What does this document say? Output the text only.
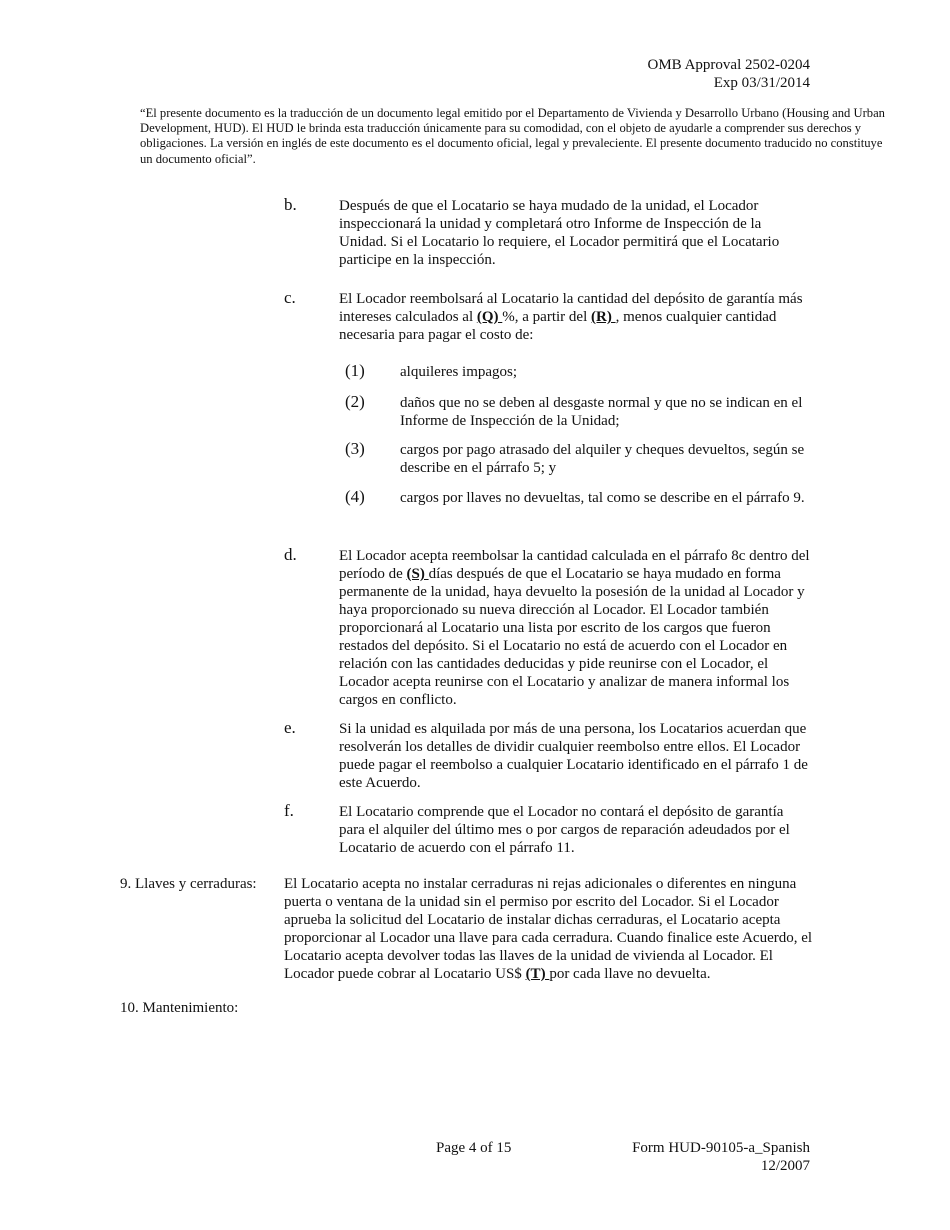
OMB Approval 2502-0204
Exp 03/31/2014
“El presente documento es la traducción de un documento legal emitido por el Departamento de Vivienda y Desarrollo Urbano (Housing and Urban Development, HUD). El HUD le brinda esta traducción únicamente para su comodidad, con el objeto de ayudarle a comprender sus derechos y obligaciones. La versión en inglés de este documento es el documento oficial, legal y prevaleciente. El presente documento traducido no constituye un documento oficial”.
b.	Después de que el Locatario se haya mudado de la unidad, el Locador inspeccionará la unidad y completará otro Informe de Inspección de la Unidad. Si el Locatario lo requiere, el Locador permitirá que el Locatario participe en la inspección.
c.	El Locador reembolsará al Locatario la cantidad del depósito de garantía más intereses calculados al (Q) %, a partir del (R) , menos cualquier cantidad necesaria para pagar el costo de:
(1) alquileres impagos;
(2) daños que no se deben al desgaste normal y que no se indican en el Informe de Inspección de la Unidad;
(3) cargos por pago atrasado del alquiler y cheques devueltos, según se describe en el párrafo 5; y
(4) cargos por llaves no devueltas, tal como se describe en el párrafo 9.
d.	El Locador acepta reembolsar la cantidad calculada en el párrafo 8c dentro del período de (S) días después de que el Locatario se haya mudado en forma permanente de la unidad, haya devuelto la posesión de la unidad al Locador y haya proporcionado su nueva dirección al Locador. El Locador también proporcionará al Locatario una lista por escrito de los cargos que fueron restados del depósito. Si el Locatario no está de acuerdo con el Locador en relación con las cantidades deducidas y pide reunirse con el Locador, el Locador acepta reunirse con el Locatario y analizar de manera informal los cargos en conflicto.
e.	Si la unidad es alquilada por más de una persona, los Locatarios acuerdan que resolverán los detalles de dividir cualquier reembolso entre ellos. El Locador puede pagar el reembolso a cualquier Locatario identificado en el párrafo 1 de este Acuerdo.
f.	El Locatario comprende que el Locador no contará el depósito de garantía para el alquiler del último mes o por cargos de reparación adeudados por el Locatario de acuerdo con el párrafo 11.
9. Llaves y cerraduras: El Locatario acepta no instalar cerraduras ni rejas adicionales o diferentes en ninguna puerta o ventana de la unidad sin el permiso por escrito del Locador. Si el Locador aprueba la solicitud del Locatario de instalar dichas cerraduras, el Locatario acepta proporcionar al Locador una llave para cada cerradura. Cuando finalice este Acuerdo, el Locatario acepta devolver todas las llaves de la unidad de vivienda al Locador. El Locador puede cobrar al Locatario US$ (T) por cada llave no devuelta.
10. Mantenimiento:
Page 4 of 15	Form HUD-90105-a_Spanish
12/2007
